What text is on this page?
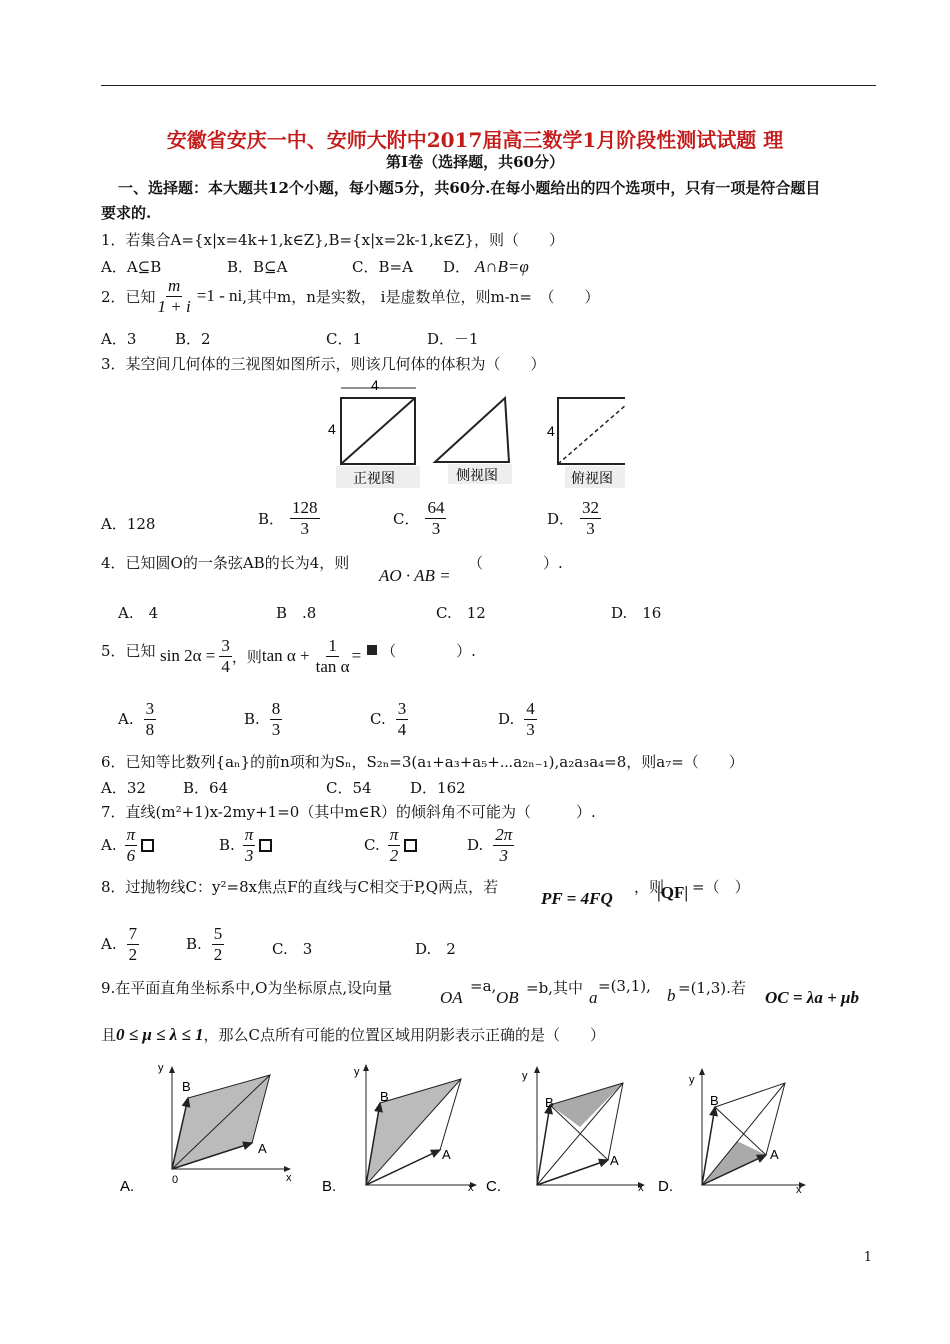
安徽省安庆一中、安师大附中2017届高三数学1月阶段性测试试题 理
第Ⅰ卷（选择题，共60分）
一、选择题：本大题共12个小题，每小题5分，共60分.在每小题给出的四个选项中，只有一项是符合题目
要求的.
1．若集合A={x|x=4k+1,k∈Z},B={x|x=2k-1,k∈Z}，则（　　）
A．A⊆B	B．B⊆A	C．B=A D． A∩B=φ
2．已知 $\frac{m}{1 + i} =1$ - ni ,其中m，n是实数， i是虚数单位，则m-n=　（　　）
A．3	B．2	C．1	D．－1
3．某空间几何体的三视图如图所示，则该几何体的体积为（　　）
4
4
正视图	侧视图
4
俯视图
A．128	B． $\frac{128}{3}$	C． $\frac{64}{3}$	D． $\frac{32}{3}$
4．已知圆O的一条弦AB的长为4，则
AO · AB =
（　　　　）.
A.　4	B　.8	C.　12	D.　16
5．已知 $\sin 2\alpha = \frac{3}{4}$ ，则 $\tan \alpha + \frac{1}{\text{tan α}}$ = （　　　　）.
A. $\frac{3}{8}$	B. $\frac{8}{3}$	C. $\frac{3}{4}$	D. $\frac{4}{3}$
6．已知等比数列{aₙ}的前n项和为Sₙ，S₂ₙ=3(a₁+a₃+a₅+⋯a₂ₙ₋₁),a₂a₃a₄=8，则a₇=（　　）
A．32 B．64	C．54	D．162
7．直线(m²+1)x-2my+1=0（其中m∈R）的倾斜角不可能为（　　　）.
A. $\frac{\pi}{6}$	B. $\frac{\pi}{3}$	C. $\frac{\pi}{2}$	D. $\frac{2\pi}{3}$
8．过抛物线C：y²=8x焦点F的直线与C相交于P,Q两点，若
PF = 4FQ
，则
|QF| =（　）
A. $\frac{7}{2}$	B. $\frac{5}{2}$	C.　3	D.　2
9.在平面直角坐标系中,O为坐标原点,设向量	OA
=a,
OB =b,其中 a
=(3,1), b =(1,3).若 OC = λa + μb
且 0 ≤ μ ≤ λ ≤ 1 ，那么C点所有可能的位置区域用阴影表示正确的是（　　）
y
x
0
A
B
A.
y
x
B
A
B.
y
x
B
A
C.
y
x
B
A
D.
1
